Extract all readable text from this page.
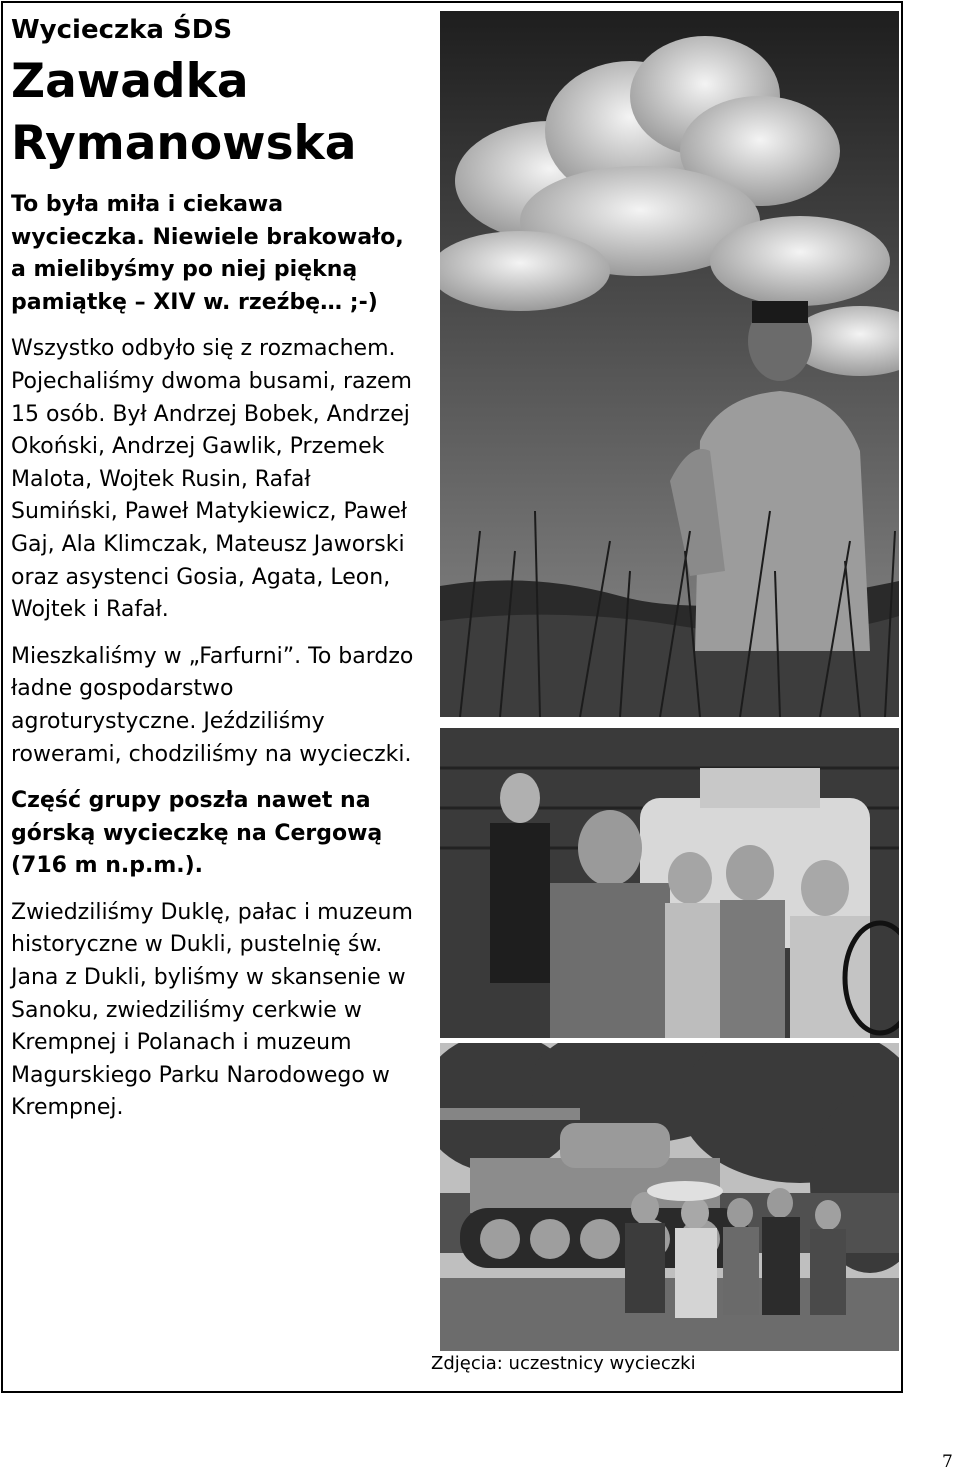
Wycieczka ŚDS
Zawadka
Rymanowska

To była miła i ciekawa wycieczka. Niewiele brakowało, a mielibyśmy po niej piękną pamiątkę – XIV w. rzeźbę… ;-)

Wszystko odbyło się z rozmachem. Pojechaliśmy dwoma busami, razem 15 osób. Był Andrzej Bobek, Andrzej Okoński, Andrzej Gawlik, Przemek Malota, Wojtek Rusin, Rafał Sumiński, Paweł Matykiewicz, Paweł Gaj, Ala Klimczak, Mateusz Jaworski oraz asystenci Gosia, Agata, Leon, Wojtek i Rafał.

Mieszkaliśmy w „Farfurni”. To bardzo ładne gospodarstwo agroturystyczne. Jeździliśmy rowerami, chodziliśmy na wycieczki.

Część grupy poszła nawet na górską wycieczkę na Cergową (716 m n.p.m.).

Zwiedziliśmy Duklę, pałac i muzeum historyczne w Dukli, pustelnię św. Jana z Dukli, byliśmy w skansenie w Sanoku, zwiedziliśmy cerkwie w Krempnej i Polanach i muzeum Magurskiego Parku Narodowego w Krempnej.

Zdjęcia: uczestnicy wycieczki
7
